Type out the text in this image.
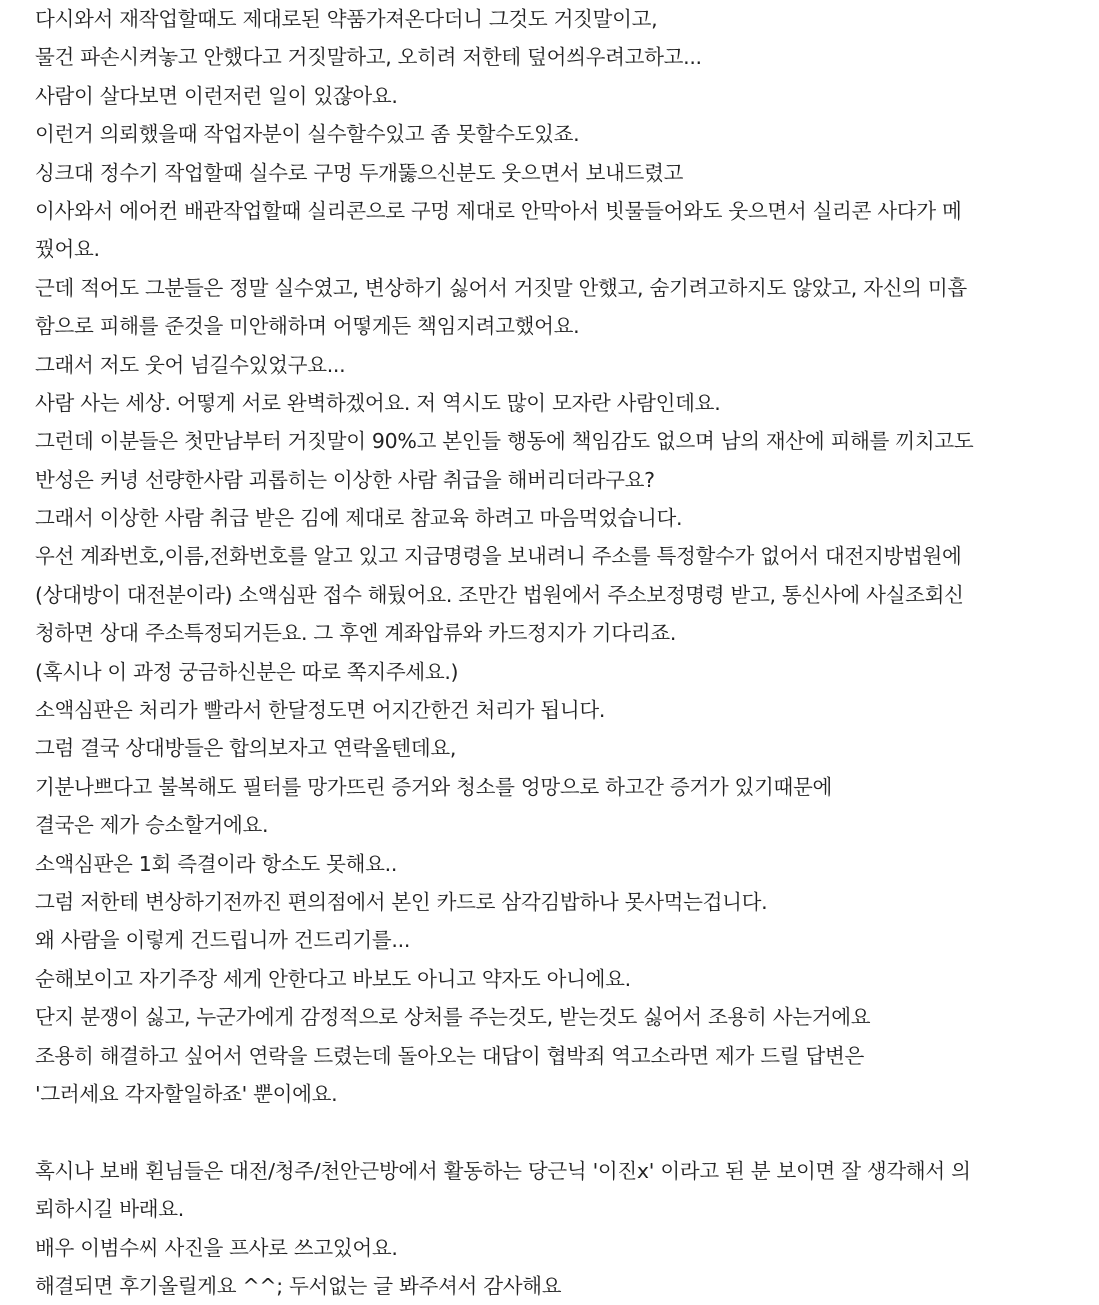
다시와서 재작업할때도 제대로된 약품가져온다더니 그것도 거짓말이고,
물건 파손시켜놓고 안했다고 거짓말하고, 오히려 저한테 덮어씌우려고하고...
사람이 살다보면 이런저런 일이 있잖아요.
이런거 의뢰했을때 작업자분이 실수할수있고 좀 못할수도있죠.
싱크대 정수기 작업할때 실수로 구멍 두개뚫으신분도 웃으면서 보내드렸고
이사와서 에어컨 배관작업할때 실리콘으로 구멍 제대로 안막아서 빗물들어와도 웃으면서 실리콘 사다가 메
꿨어요.
근데 적어도 그분들은 정말 실수였고, 변상하기 싫어서 거짓말 안했고, 숨기려고하지도 않았고, 자신의 미흡
함으로 피해를 준것을 미안해하며 어떻게든 책임지려고했어요.
그래서 저도 웃어 넘길수있었구요...
사람 사는 세상. 어떻게 서로 완벽하겠어요. 저 역시도 많이 모자란 사람인데요.
그런데 이분들은 첫만남부터 거짓말이 90%고 본인들 행동에 책임감도 없으며 남의 재산에 피해를 끼치고도
반성은 커녕 선량한사람 괴롭히는 이상한 사람 취급을 해버리더라구요?
그래서 이상한 사람 취급 받은 김에 제대로 참교육 하려고 마음먹었습니다.
우선 계좌번호,이름,전화번호를 알고 있고 지급명령을 보내려니 주소를 특정할수가 없어서 대전지방법원에
(상대방이 대전분이라) 소액심판 접수 해뒀어요. 조만간 법원에서 주소보정명령 받고, 통신사에 사실조회신
청하면 상대 주소특정되거든요. 그 후엔 계좌압류와 카드정지가 기다리죠.
(혹시나 이 과정 궁금하신분은 따로 쪽지주세요.)
소액심판은 처리가 빨라서 한달정도면 어지간한건 처리가 됩니다.
그럼 결국 상대방들은 합의보자고 연락올텐데요,
기분나쁘다고 불복해도 필터를 망가뜨린 증거와 청소를 엉망으로 하고간 증거가 있기때문에
결국은 제가 승소할거에요.
소액심판은 1회 즉결이라 항소도 못해요..
그럼 저한테 변상하기전까진 편의점에서 본인 카드로 삼각김밥하나 못사먹는겁니다.
왜 사람을 이렇게 건드립니까 건드리기를...
순해보이고 자기주장 세게 안한다고 바보도 아니고 약자도 아니에요.
단지 분쟁이 싫고, 누군가에게 감정적으로 상처를 주는것도, 받는것도 싫어서 조용히 사는거에요
조용히 해결하고 싶어서 연락을 드렸는데 돌아오는 대답이 협박죄 역고소라면 제가 드릴 답변은
'그러세요 각자할일하죠' 뿐이에요.
혹시나 보배 횐님들은 대전/청주/천안근방에서 활동하는 당근닉 '이진x' 이라고 된 분 보이면 잘 생각해서 의
뢰하시길 바래요.
배우 이범수씨 사진을 프사로 쓰고있어요.
해결되면 후기올릴게요 ^^; 두서없는 글 봐주셔서 감사해요
